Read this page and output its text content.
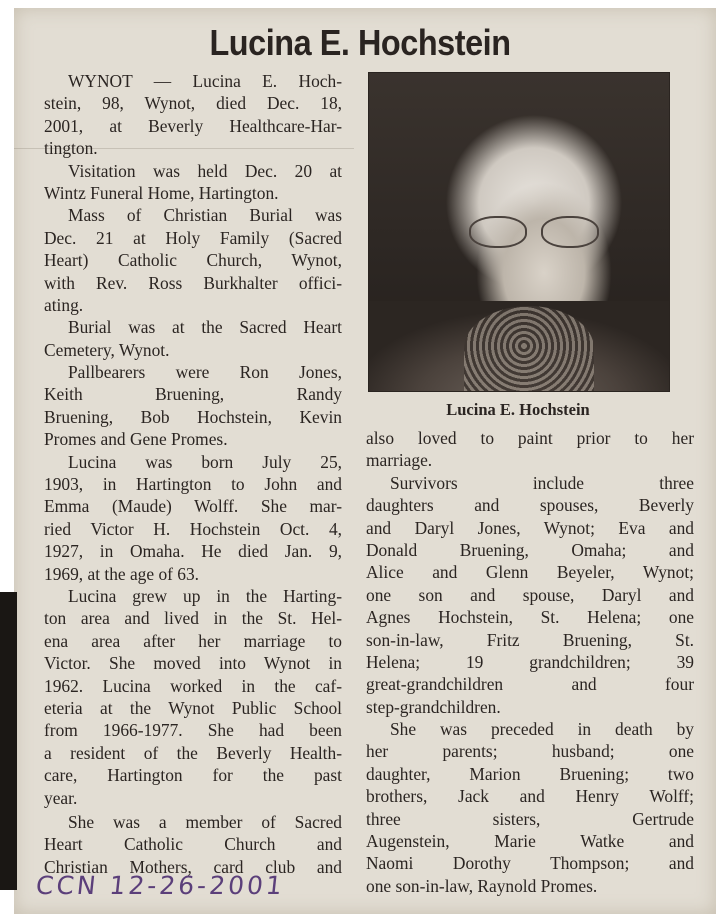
Lucina E. Hochstein
WYNOT — Lucina E. Hoch-
stein, 98, Wynot, died Dec. 18,
2001, at Beverly Healthcare-Har-
tington.
Visitation was held Dec. 20 at
Wintz Funeral Home, Hartington.
Mass of Christian Burial was
Dec. 21 at Holy Family (Sacred
Heart) Catholic Church, Wynot,
with Rev. Ross Burkhalter offici-
ating.
Burial was at the Sacred Heart
Cemetery, Wynot.
Pallbearers were Ron Jones,
Keith Bruening, Randy
Bruening, Bob Hochstein, Kevin
Promes and Gene Promes.
Lucina was born July 25,
1903, in Hartington to John and
Emma (Maude) Wolff. She mar-
ried Victor H. Hochstein Oct. 4,
1927, in Omaha. He died Jan. 9,
1969, at the age of 63.
Lucina grew up in the Harting-
ton area and lived in the St. Hel-
ena area after her marriage to
Victor. She moved into Wynot in
1962. Lucina worked in the caf-
eteria at the Wynot Public School
from 1966-1977. She had been
a resident of the Beverly Health-
care, Hartington for the past
year.
She was a member of Sacred
Heart Catholic Church and
Christian Mothers, card club and
Lucina E. Hochstein
also loved to paint prior to her
marriage.
Survivors include three
daughters and spouses, Beverly
and Daryl Jones, Wynot; Eva and
Donald Bruening, Omaha; and
Alice and Glenn Beyeler, Wynot;
one son and spouse, Daryl and
Agnes Hochstein, St. Helena; one
son-in-law, Fritz Bruening, St.
Helena; 19 grandchildren; 39
great-grandchildren and four
step-grandchildren.
She was preceded in death by
her parents; husband; one
daughter, Marion Bruening; two
brothers, Jack and Henry Wolff;
three sisters, Gertrude
Augenstein, Marie Watke and
Naomi Dorothy Thompson; and
one son-in-law, Raynold Promes.
CCN 12-26-2001
